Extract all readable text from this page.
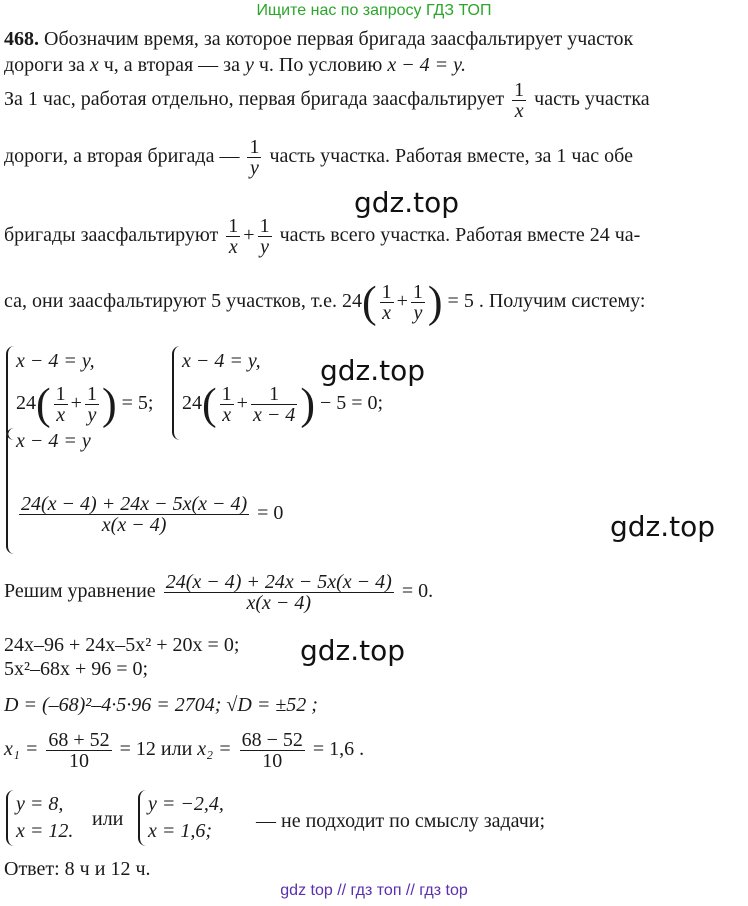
Ищите нас по запросу ГДЗ ТОП
468. Обозначим время, за которое первая бригада заасфальтирует участок
дороги за x ч, а вторая — за y ч. По условию x − 4 = y.
За 1 час, работая отдельно, первая бригада заасфальтирует $\frac{1}{x}$ часть участка
дороги, а вторая бригада — $\frac{1}{y}$ часть участка. Работая вместе, за 1 час обе
gdz.top
бригады заасфальтируют $\frac{1}{x} + \frac{1}{y}$ часть всего участка. Работая вместе 24 ча-
са, они заасфальтируют 5 участков, т.е. $24( \frac{1}{x} + \frac{1}{y}$ ) = 5 . Получим систему:
x − 4 = y,
$24( \frac{1}{x} + \frac{1}{y}$ ) = 5;
x − 4 = y,
$24( \frac{1}{x} + \frac{1}{x - 4}$ ) − 5 = 0;
gdz.top
x − 4 = y
$\frac{24(x - 4) + 24x - 5x(x - 4)}{x(x - 4)} = 0$	gdz.top
Решим уравнение $\frac{24(x - 4) + 24x - 5x(x - 4)}{x(x - 4)} = 0$.
gdz.top
24x–96 + 24x–5x² + 20x = 0;
5x²–68x + 96 = 0;
D = (–68)²–4·5·96 = 2704; √D = ±52 ;
$x_1 = \frac{68 + 52}{10} = 12$ или $x_2 = \frac{68 - 52}{10} = 1,6$ .
y = 8,
x = 12.
или
y = −2,4,
x = 1,6; — не подходит по смыслу задачи;
Ответ: 8 ч и 12 ч.
gdz top // гдз топ // гдз top
